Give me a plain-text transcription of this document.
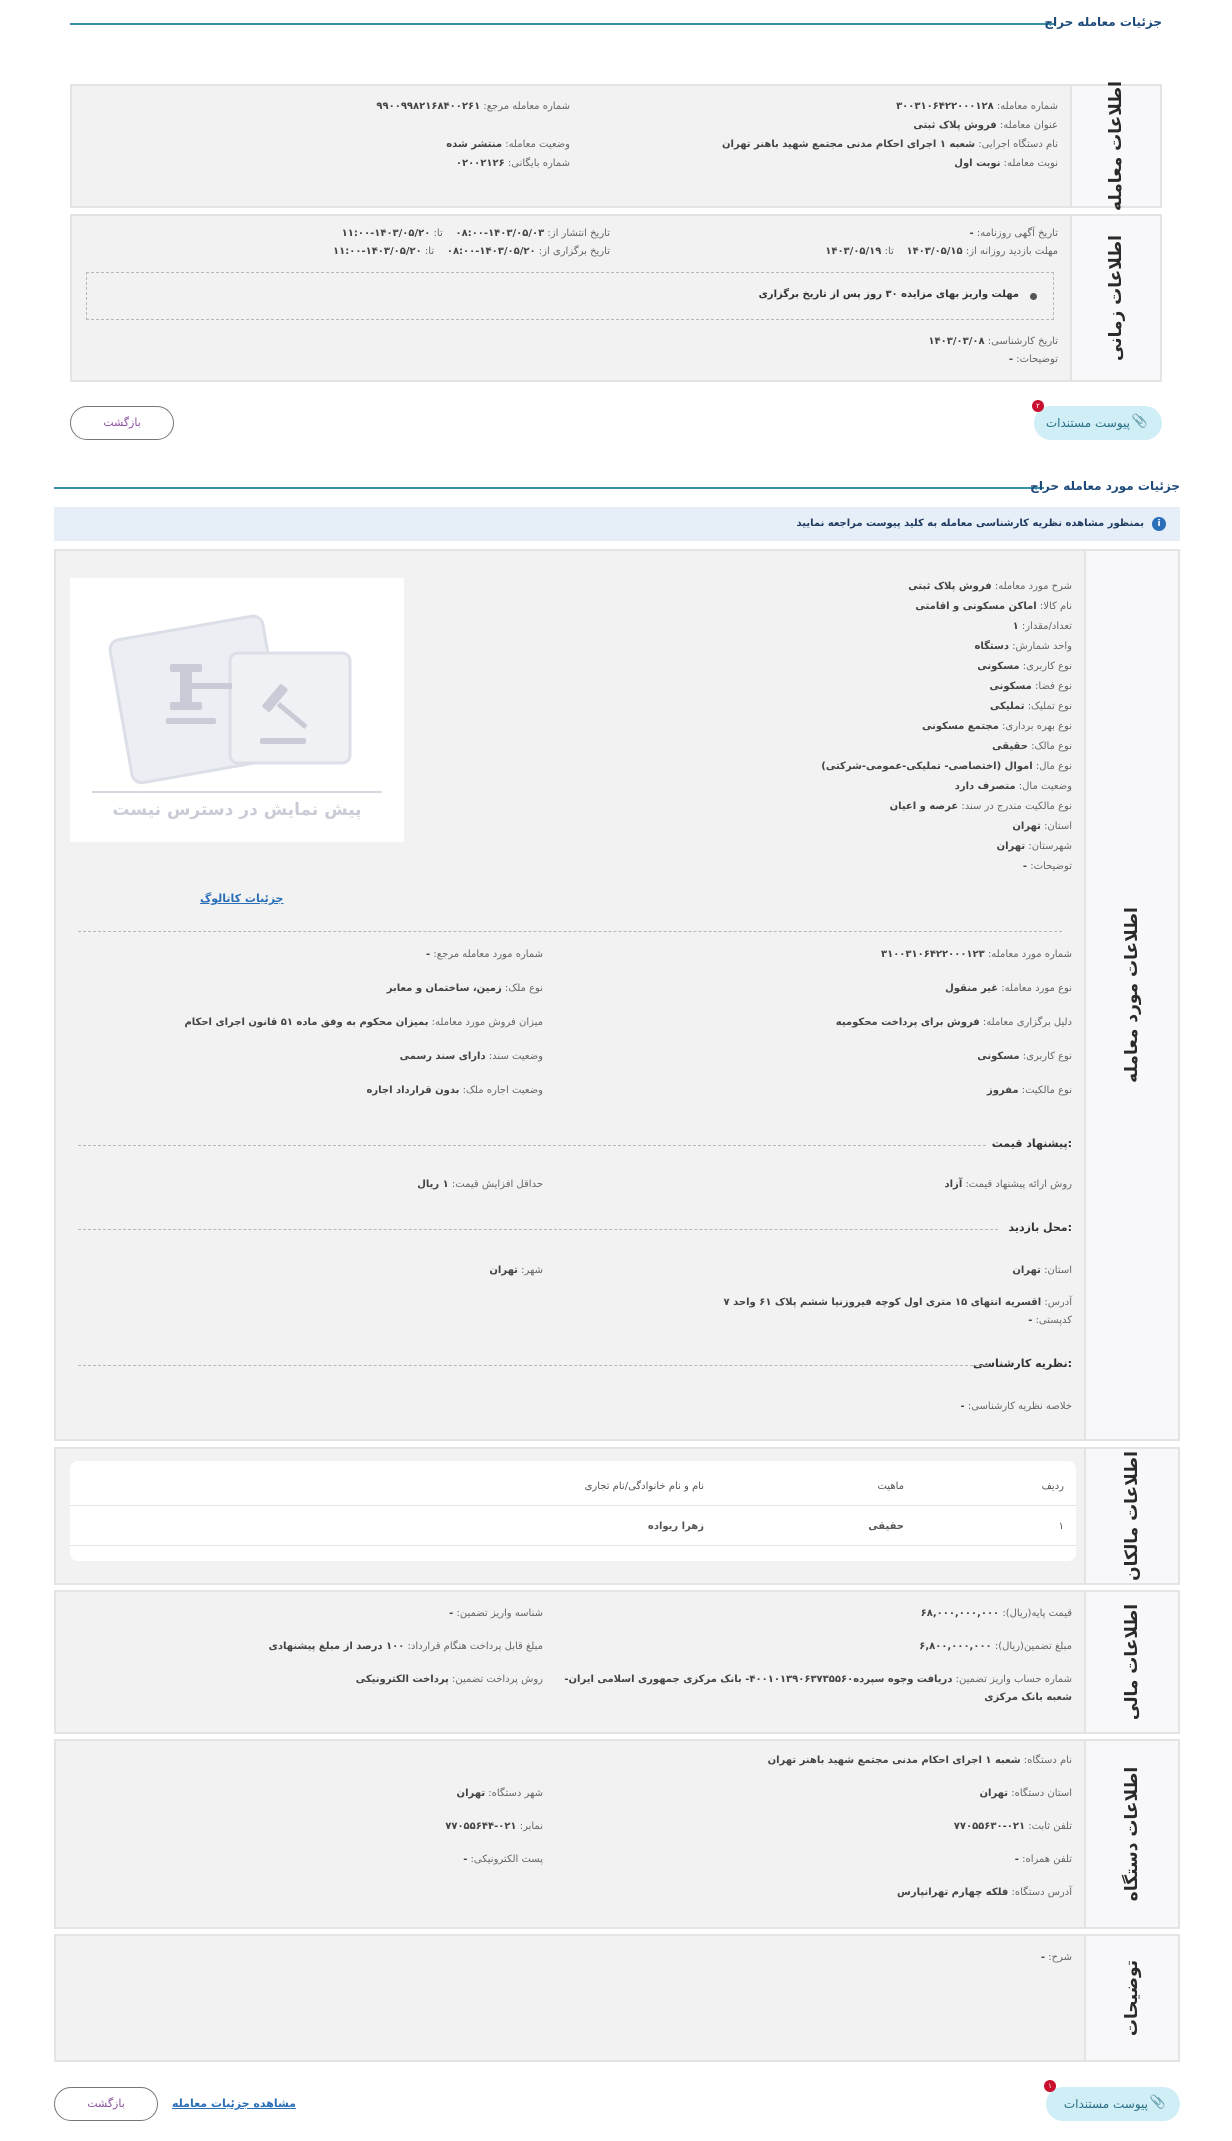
جزئیات معامله حراج
اطلاعات معامله
شماره معامله: ۳۰۰۳۱۰۶۴۲۲۰۰۰۱۲۸
عنوان معامله: فروش پلاک ثبتی
نام دستگاه اجرایی: شعبه ۱ اجرای احکام مدنی مجتمع شهید باهنر تهران
نوبت معامله: نوبت اول
شماره معامله مرجع: ۹۹۰۰۹۹۸۲۱۶۸۴۰۰۲۶۱
وضعیت معامله: منتشر شده
شماره بایگانی: ۰۲۰۰۲۱۲۶
اطلاعات زمانی
تاریخ آگهی روزنامه: -
مهلت بازدید روزانه از: ۱۴۰۳/۰۵/۱۵    تا: ۱۴۰۳/۰۵/۱۹
تاریخ انتشار از: ۱۴۰۳/۰۵/۰۳-۰۸:۰۰    تا: ۱۴۰۳/۰۵/۲۰-۱۱:۰۰
تاریخ برگزاری از: ۱۴۰۳/۰۵/۲۰-۰۸:۰۰    تا: ۱۴۰۳/۰۵/۲۰-۱۱:۰۰
مهلت واریز بهای مزایده ۳۰ روز پس از تاریخ برگزاری
تاریخ کارشناسی: ۱۴۰۳/۰۳/۰۸
توضیحات: -
📎
پیوست مستندات
۲
بازگشت
جزئیات مورد معامله حراج
i
بمنظور مشاهده نظریه کارشناسی معامله به کلید پیوست مراجعه نمایید
اطلاعات مورد معامله
پیش نمایش در دسترس نیست
جزئیات کاتالوگ
شرح مورد معامله: فروش پلاک ثبتی
نام کالا: اماکن مسکونی و اقامتی
تعداد/مقدار: ۱
واحد شمارش: دستگاه
نوع کاربری: مسکونی
نوع فضا: مسکونی
نوع تملیک: تملیکی
نوع بهره برداری: مجتمع مسکونی
نوع مالک: حقیقی
نوع مال: اموال (اختصاصی- تملیکی-عمومی-شرکتی)
وضعیت مال: متصرف دارد
نوع مالکیت مندرج در سند: عرصه و اعیان
استان: تهران
شهرستان: تهران
توضیحات: -
شماره مورد معامله: ۳۱۰۰۳۱۰۶۴۲۲۰۰۰۱۲۳
نوع مورد معامله: غیر منقول
دلیل برگزاری معامله: فروش برای پرداخت محکومیه
نوع کاربری: مسکونی
نوع مالکیت: مفروز
شماره مورد معامله مرجع: -
نوع ملک: زمین، ساختمان و معابر
میزان فروش مورد معامله: بمیزان محکوم به وفق ماده ۵۱ قانون اجرای احکام
وضعیت سند: دارای سند رسمی
وضعیت اجاره ملک: بدون قرارداد اجاره
پیشنهاد قیمت:
روش ارائه پیشنهاد قیمت: آزاد
حداقل افزایش قیمت: ۱ ریال
محل بازدید:
استان: تهران
شهر: تهران
آدرس: اقسریه انتهای ۱۵ متری اول کوچه فیروزنیا ششم پلاک ۶۱ واحد ۷
کدپستی: -
نظریه کارشناسی:
خلاصه نظریه کارشناسی: -
اطلاعات مالکان
ردیف
ماهیت
نام و نام خانوادگی/نام تجاری
۱
حقیقی
زهرا ریواده
اطلاعات مالی
قیمت پایه(ریال): ۶۸,۰۰۰,۰۰۰,۰۰۰
مبلغ تضمین(ریال): ۶,۸۰۰,۰۰۰,۰۰۰
شماره حساب واریز تضمین: دریافت وجوه سپرده۴۰۰۱۰۱۳۹۰۶۳۷۳۵۵۶۰- بانک مرکزی جمهوری اسلامی ایران-
شعبه بانک مرکزی
شناسه واریز تضمین: -
مبلغ قابل پرداخت هنگام قرارداد: ۱۰۰ درصد از مبلغ پیشنهادی
روش پرداخت تضمین: پرداخت الکترونیکی
اطلاعات دستگاه
نام دستگاه: شعبه ۱ اجرای احکام مدنی مجتمع شهید باهنر تهران
استان دستگاه: تهران
تلفن ثابت: ۰۲۱-۷۷۰۵۵۶۳۰
تلفن همراه: -
آدرس دستگاه: فلکه چهارم تهرانپارس
شهر دستگاه: تهران
نمابر: ۰۲۱-۷۷۰۵۵۶۴۴
پست الکترونیکی: -
توضیحات
شرح: -
📎
پیوست مستندات
۱
مشاهده جزئیات معامله
بازگشت
